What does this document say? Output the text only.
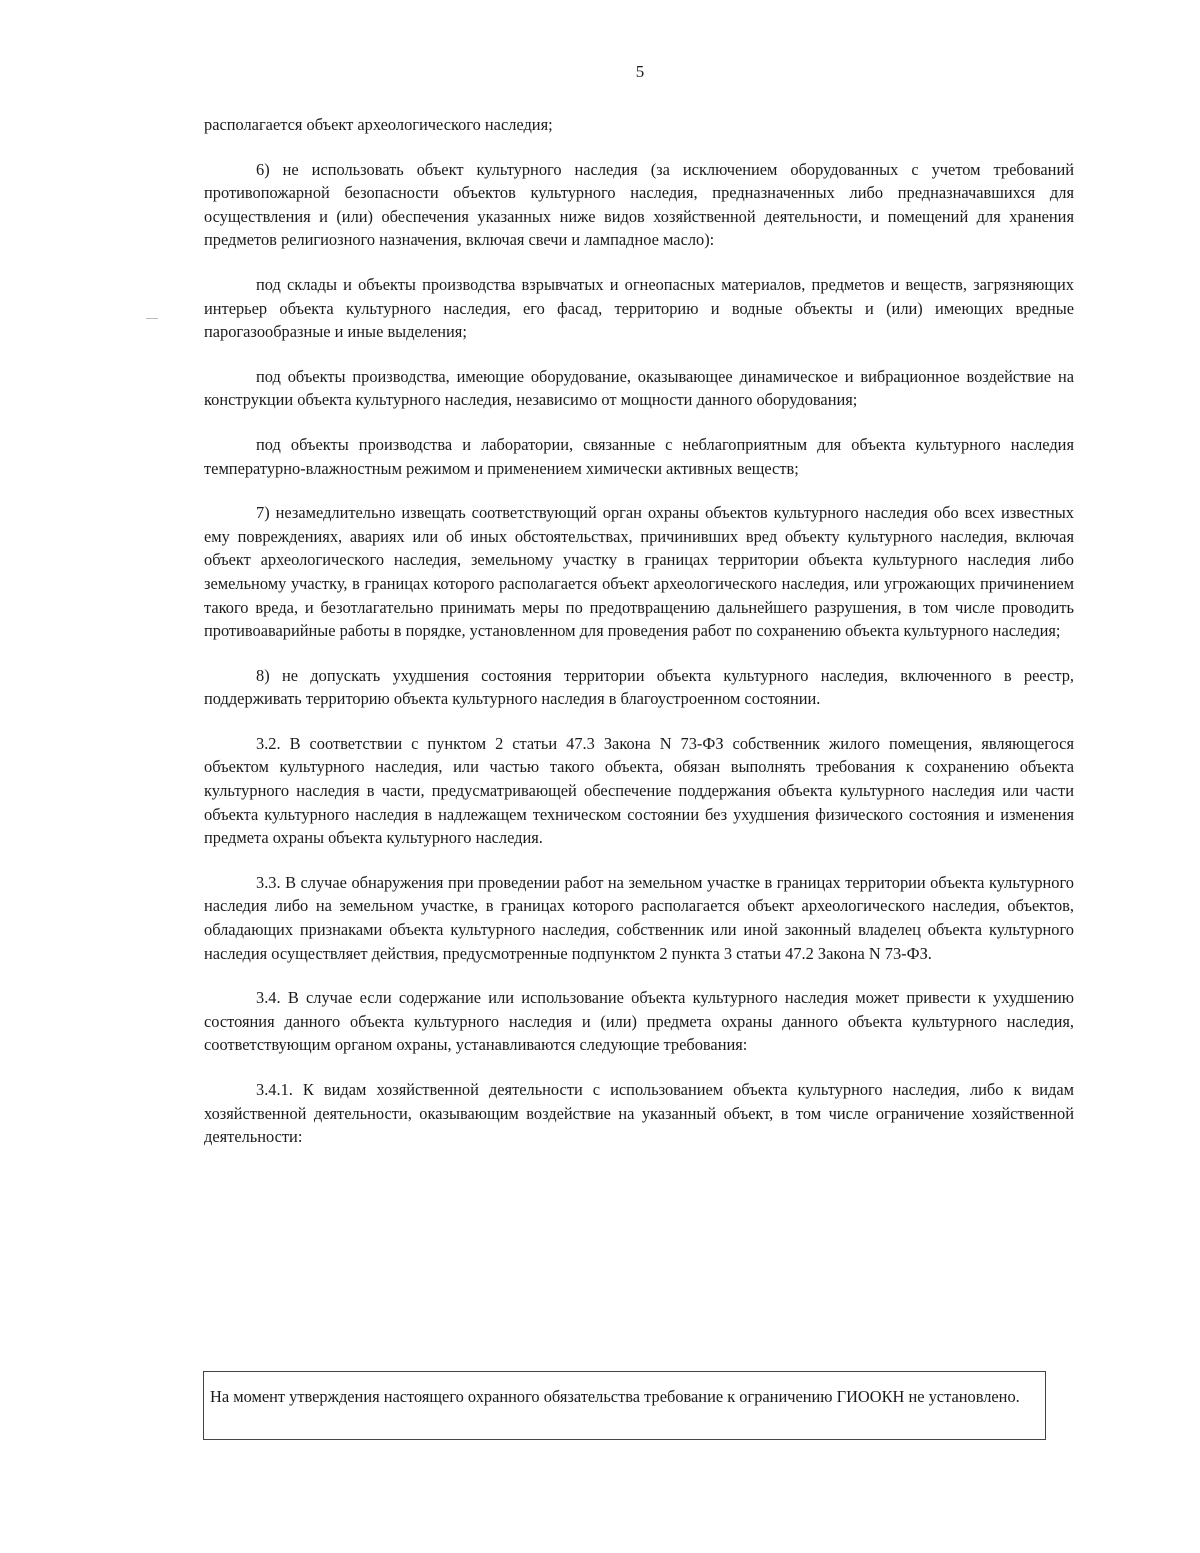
5

располагается объект археологического наследия;

6) не использовать объект культурного наследия (за исключением оборудованных с учетом требований противопожарной безопасности объектов культурного наследия, предназначенных либо предназначавшихся для осуществления и (или) обеспечения указанных ниже видов хозяйственной деятельности, и помещений для хранения предметов религиозного назначения, включая свечи и лампадное масло):

под склады и объекты производства взрывчатых и огнеопасных материалов, предметов и веществ, загрязняющих интерьер объекта культурного наследия, его фасад, территорию и водные объекты и (или) имеющих вредные парогазообразные и иные выделения;

под объекты производства, имеющие оборудование, оказывающее динамическое и вибрационное воздействие на конструкции объекта культурного наследия, независимо от мощности данного оборудования;

под объекты производства и лаборатории, связанные с неблагоприятным для объекта культурного наследия температурно-влажностным режимом и применением химически активных веществ;

7) незамедлительно извещать соответствующий орган охраны объектов культурного наследия обо всех известных ему повреждениях, авариях или об иных обстоятельствах, причинивших вред объекту культурного наследия, включая объект археологического наследия, земельному участку в границах территории объекта культурного наследия либо земельному участку, в границах которого располагается объект археологического наследия, или угрожающих причинением такого вреда, и безотлагательно принимать меры по предотвращению дальнейшего разрушения, в том числе проводить противоаварийные работы в порядке, установленном для проведения работ по сохранению объекта культурного наследия;

8) не допускать ухудшения состояния территории объекта культурного наследия, включенного в реестр, поддерживать территорию объекта культурного наследия в благоустроенном состоянии.

3.2. В соответствии с пунктом 2 статьи 47.3 Закона N 73-ФЗ собственник жилого помещения, являющегося объектом культурного наследия, или частью такого объекта, обязан выполнять требования к сохранению объекта культурного наследия в части, предусматривающей обеспечение поддержания объекта культурного наследия или части объекта культурного наследия в надлежащем техническом состоянии без ухудшения физического состояния и изменения предмета охраны объекта культурного наследия.

3.3. В случае обнаружения при проведении работ на земельном участке в границах территории объекта культурного наследия либо на земельном участке, в границах которого располагается объект археологического наследия, объектов, обладающих признаками объекта культурного наследия, собственник или иной законный владелец объекта культурного наследия осуществляет действия, предусмотренные подпунктом 2 пункта 3 статьи 47.2 Закона N 73-ФЗ.

3.4. В случае если содержание или использование объекта культурного наследия может привести к ухудшению состояния данного объекта культурного наследия и (или) предмета охраны данного объекта культурного наследия, соответствующим органом охраны, устанавливаются следующие требования:

3.4.1. К видам хозяйственной деятельности с использованием объекта культурного наследия, либо к видам хозяйственной деятельности, оказывающим воздействие на указанный объект, в том числе ограничение хозяйственной деятельности:

На момент утверждения настоящего охранного обязательства требование к ограничению ГИООКН не установлено.
